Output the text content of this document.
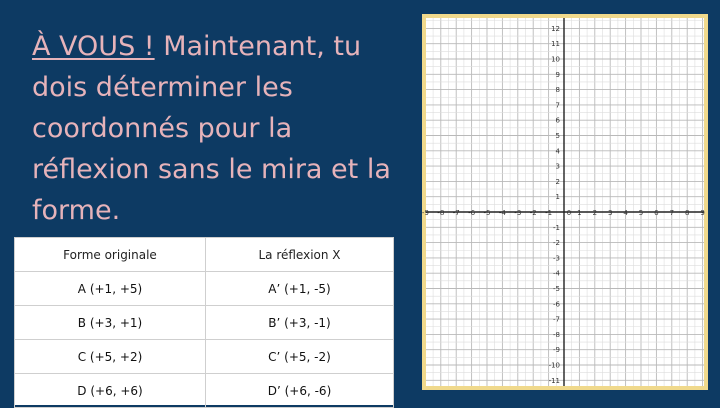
À VOUS ! Maintenant, tu dois déterminer les coordonnés pour la réflexion sans le mira et la forme.
Forme originale	La réflexion X
A (+1, +5)	A’ (+1, -5)
B (+3, +1)	B’ (+3, -1)
C (+5, +2)	C’ (+5, -2)
D (+6, +6)	D’ (+6, -6)
-9 -8 -7 -6 -5 -4 -3 -2 -1 0 1 2 3 4 5 6 7 8 9
12
11
10
9
8
7
6
5
4
3
2
1
-1
-2
-3
-4
-5
-6
-7
-8
-9
-10
-11
